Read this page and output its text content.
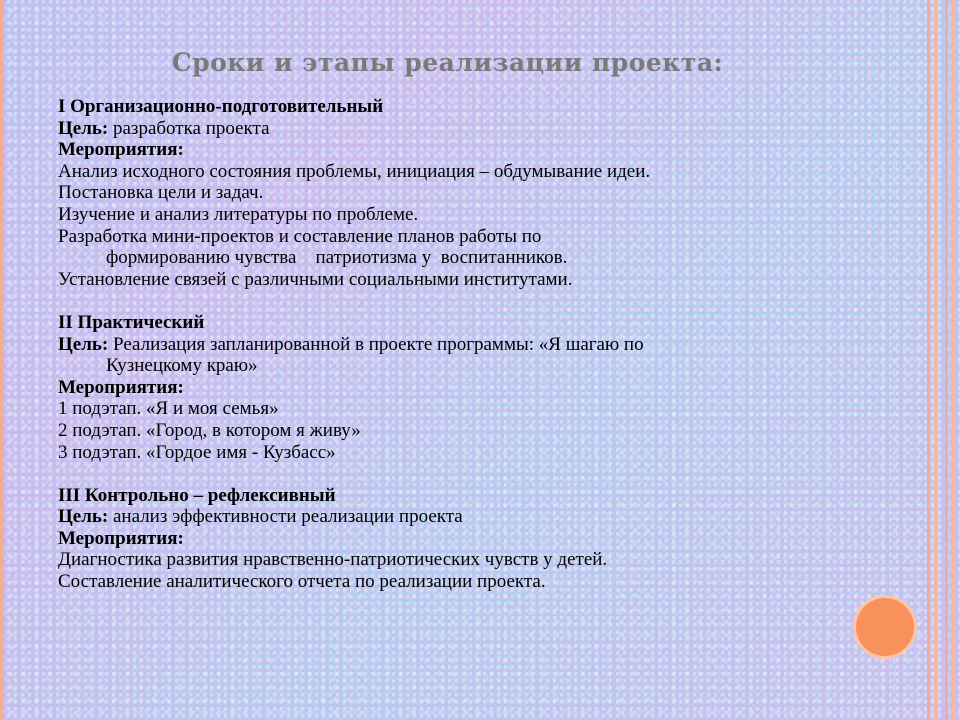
Сроки и этапы реализации проекта:

I Организационно-подготовительный

Цель: разработка проекта

Мероприятия:

Анализ исходного состояния проблемы, инициация – обдумывание идеи.

Постановка цели и задач.

Изучение и анализ литературы по проблеме.

Разработка мини-проектов и составление планов работы по

формированию чувства    патриотизма у  воспитанников.

Установление связей с различными социальными институтами.

II Практический

Цель: Реализация запланированной в проекте программы: «Я шагаю по

Кузнецкому краю»

Мероприятия:

1 подэтап. «Я и моя семья»

2 подэтап. «Город, в котором я живу»

3 подэтап. «Гордое имя - Кузбасс»

III Контрольно – рефлексивный

Цель: анализ эффективности реализации проекта

Мероприятия:

Диагностика развития нравственно-патриотических чувств у детей.

Составление аналитического отчета по реализации проекта.
